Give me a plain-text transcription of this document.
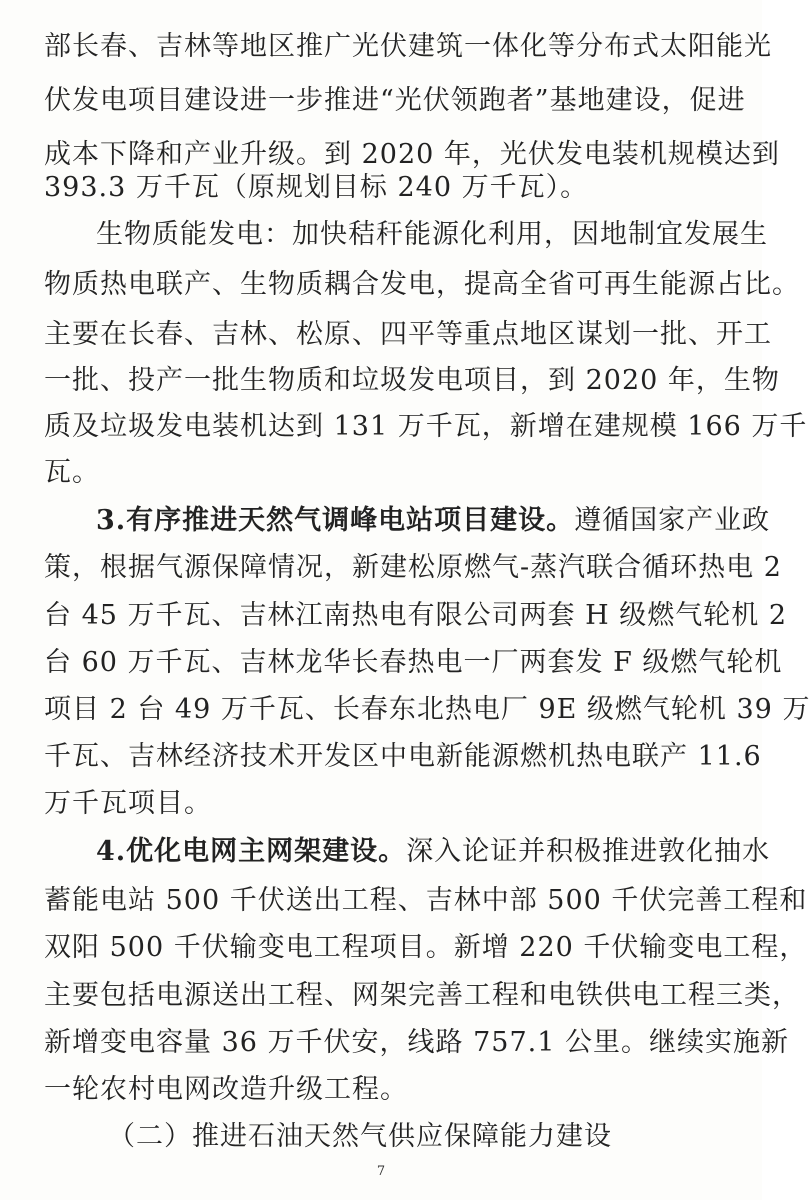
部长春、吉林等地区推广光伏建筑一体化等分布式太阳能光
伏发电项目建设进一步推进“光伏领跑者”基地建设，促进
成本下降和产业升级。到 2020 年，光伏发电装机规模达到
393.3 万千瓦（原规划目标 240 万千瓦）。
生物质能发电：加快秸秆能源化利用，因地制宜发展生
物质热电联产、生物质耦合发电，提高全省可再生能源占比。
主要在长春、吉林、松原、四平等重点地区谋划一批、开工
一批、投产一批生物质和垃圾发电项目，到 2020 年，生物
质及垃圾发电装机达到 131 万千瓦，新增在建规模 166 万千
瓦。
3.有序推进天然气调峰电站项目建设。遵循国家产业政
策，根据气源保障情况，新建松原燃气-蒸汽联合循环热电 2
台 45 万千瓦、吉林江南热电有限公司两套 H 级燃气轮机 2
台 60 万千瓦、吉林龙华长春热电一厂两套发 F 级燃气轮机
项目 2 台 49 万千瓦、长春东北热电厂 9E 级燃气轮机 39 万
千瓦、吉林经济技术开发区中电新能源燃机热电联产 11.6
万千瓦项目。
4.优化电网主网架建设。深入论证并积极推进敦化抽水
蓄能电站 500 千伏送出工程、吉林中部 500 千伏完善工程和
双阳 500 千伏输变电工程项目。新增 220 千伏输变电工程，
主要包括电源送出工程、网架完善工程和电铁供电工程三类，
新增变电容量 36 万千伏安，线路 757.1 公里。继续实施新
一轮农村电网改造升级工程。
（二）推进石油天然气供应保障能力建设
7
